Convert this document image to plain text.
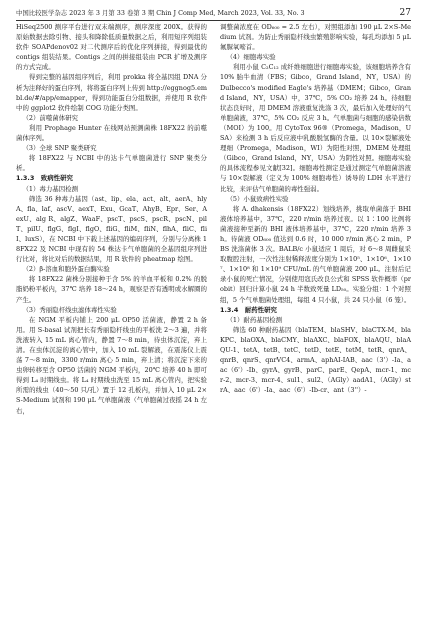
中国比较医学杂志 2023 年 3 月第 33 卷第 3 期 Chin J Comp Med, March 2023, Vol. 33, No. 3	27

HiSeq2500 测序平台进行双末端测序，测序深度 200X。获得的原始数据去除引物、接头和降除低质量数据之后，利用短序列组装软件 SOAPdenov02 对二代测序后的优化序列拼接，得到最优的 contigs 组装结果。Contigs 之间的拼接组装由 PCR 扩增及测序的方式完成。

得到完整的基因组序列后，利用 prokka 将全基因组 DNA 分析为注释好的蛋白序列，将将蛋白序列上传到 http://eggnog5.embl.de/#/app/emapper，得到功能蛋白分组数据，并使用 R 软件中的 ggplot2 软件绘制 COG 功能分类图。

（2）前噬菌体研究

利用 Prophage Hunter 在线网站预测菌株 18FX22 的前噬菌体序列。

（3）全球 SNP 聚类研究

将 18FX22 与 NCBI 中的达卡气单胞菌进行 SNP 聚类分析。

1.3.3　致病性研究

（1）毒力基因检测

筛选 36 种毒力基因（ast、lip、ela、act、alt、aerA、hlyA、fla、laf、ascV、aexT、Exu、GcaT、AhyB、Epr、Ser、AexU、alg R、algZ、WaaF、pscT、pscS、pscR、pscN、pilT、pilU、flgG、flgI、flgO、fliG、fliM、fliN、flhA、fliC、fliI、luxS），在 NCBI 中下载上述基因的编码序列，分别与分离株 18FX22 及 NCBI 中现有的 54 株达卡气单胞菌的全基因组序列进行比对，将比对后的数据结果，用 R 软件的 pheatmap 绘图。

（2）β-溶血和胞外蛋白酶实验

将 18FX22 菌株分别接种于含 5% 的羊血平板和 0.2% 的脱脂奶粉平板内，37℃ 培养 18～24 h，观察是否有透明或水解圈的产生。

（3）秀丽隐杆线虫滤体毒性实验

在 NGM 平板内铺上 200 μL OP50 活菌液，静置 2 h 备用。用 S-basal 试剂把长有秀丽隐杆线虫的平板洗 2～3 遍，并将洗液转入 15 mL 离心管内，静置 7～8 min，待虫体沉淀，弃上清。在虫体沉淀的离心管中，加入 10 mL 裂解液，在震荡仪上震荡 7～8 min，3300 r/min 离心 5 min，弃上清；将沉淀下来的虫卵转移至含 OP50 活菌的 NGM 平板内，20℃ 培养 40 h 即可得到 L₄ 时期线虫。将 L₄ 时期线虫洗至 15 mL 离心管内，把实验所需的线虫（40～50 只/孔）置于 12 孔板内，并加入 10 μL 2×S-Medium 试剂和 190 μL 气单胞菌液（气单胞菌过夜摇 24 h 左右，

调整菌浓度在 OD₆₀₀ = 2.5 左右），对照组添加 190 μL 2×S-Medium 试剂。为防止秀丽隐杆线虫繁殖影响实验，每孔均添加 5 μL 氟脲氧嘧首。

（4）细胞毒实验

利用小鼠 C₂C₁₂ 成纤维细胞进行细胞毒实验，该细胞培养含有 10% 胎牛血清（FBS；Gibco，Grand Island，NY，USA）的 Dulbecco's modified Eagle's 培养基（DMEM；Gibco，Grand Island，NY，USA）中，37℃，5% CO₂ 培养 24 h。待细胞状态良好时，用 DMEM 溶液重复洗涤 3 次，最后加入处理好的气单胞菌液，37℃，5% CO₂ 反应 3 h。气单胞菌与细胞的感染倍数（MOI）为 100。用 CytoTox 96®（Promega，Madison，USA）来检测 3 h 后反应液中乳酸脱氢酶的含量。以 10×裂解液处理细（Promega，Madison，WI）为阳性对照，DMEM 处理组（Gibco，Grand Island，NY，USA）为阴性对照。细胞毒实验的具体流程参见文献[32]。细胞毒性测定是通过测定气单胞菌溶液与 10×裂解液（定义为 100% 细胞毒性）诱导的 LDH 水平进行比较，来评估气单胞菌的毒性强弱。

（5）小鼠致病性实验

将 A. dhakensis（18FX22）划线培养，挑取单菌落于 BHI 液体培养基中，37℃，220 r/min 培养过夜。以 1∶100 比例将菌液接种至新的 BHI 液体培养基中，37℃，220 r/min 培养 3 h。待菌液 OD₆₀₀ 值达到 0.6 时，10 000 r/min 离心 2 min，PBS 洗涤菌体 3 次。BALB/c 小鼠适应 1 周后，对 6～8 周雌鼠采取腹腔注射，一次性注射稀释浓度分别为 1×10⁵、1×10⁶、1×10⁷、1×10⁸ 和 1×10⁹ CFU/mL 的气单胞菌液 200 μL。注射后记录小鼠的死亡情况，分别使用寇氏改良公式和 SPSS 软件概率（probit）回归计算小鼠 24 h 半数致死量 LD₅₀。实验分组：1 个对照组，5 个气单胞菌处理组，每组 4 只小鼠，共 24 只小鼠（6 笼）。

1.3.4　耐药性研究

（1）耐药基因检测

筛选 60 种耐药基因（blaTEM、blaSHV、blaCTX-M、blaKPC、blaOXA、blaCMY、blaAXC、blaFOX、blaAQU、blaAQU-1、tetA、tetB、tetC、tetD、tetE、tetM、tetR、qnrA、qnrB、qnrS、qnrVC4、armA、aphAI-IAB、aac（3'）-Ia、aac（6'）-Ib、gyrA、gyrB、parC、parE、QepA、mcr-1、mcr-2、mcr-3、mcr-4、sul1、sul2、（AGly）aadA1、（AGly）strA、aac（6'）-Ia、aac（6'）-Ib-cr、ant（3''）-
